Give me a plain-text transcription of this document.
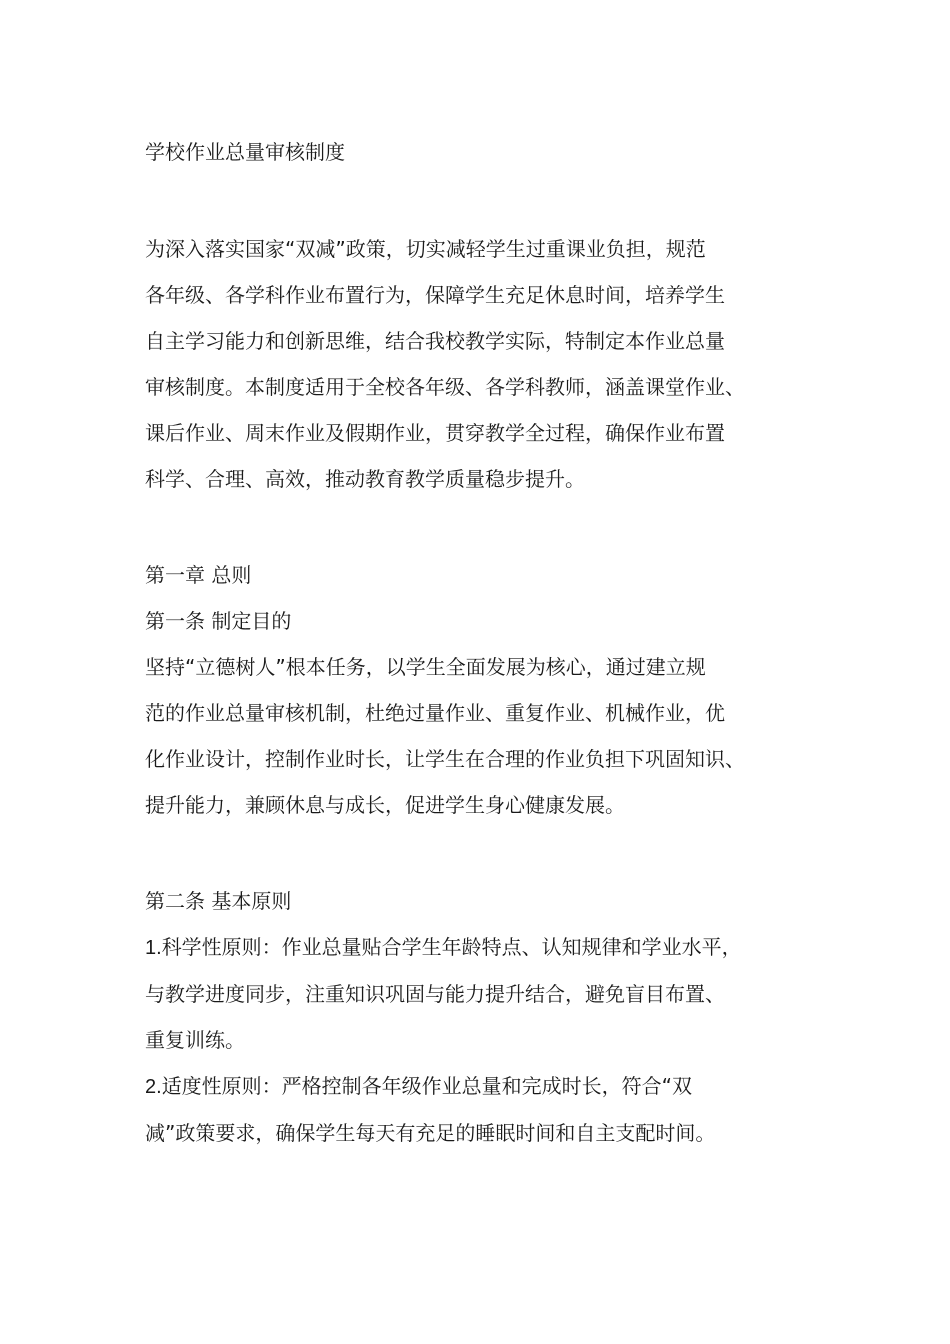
学校作业总量审核制度

为深入落实国家“双减”政策，切实减轻学生过重课业负担，规范
各年级、各学科作业布置行为，保障学生充足休息时间，培养学生
自主学习能力和创新思维，结合我校教学实际，特制定本作业总量
审核制度。本制度适用于全校各年级、各学科教师，涵盖课堂作业、
课后作业、周末作业及假期作业，贯穿教学全过程，确保作业布置
科学、合理、高效，推动教育教学质量稳步提升。

第一章 总则

第一条 制定目的

坚持“立德树人”根本任务，以学生全面发展为核心，通过建立规
范的作业总量审核机制，杜绝过量作业、重复作业、机械作业，优
化作业设计，控制作业时长，让学生在合理的作业负担下巩固知识、
提升能力，兼顾休息与成长，促进学生身心健康发展。

第二条 基本原则

1.科学性原则：作业总量贴合学生年龄特点、认知规律和学业水平，
与教学进度同步，注重知识巩固与能力提升结合，避免盲目布置、
重复训练。

2.适度性原则：严格控制各年级作业总量和完成时长，符合“双
减”政策要求，确保学生每天有充足的睡眠时间和自主支配时间。
